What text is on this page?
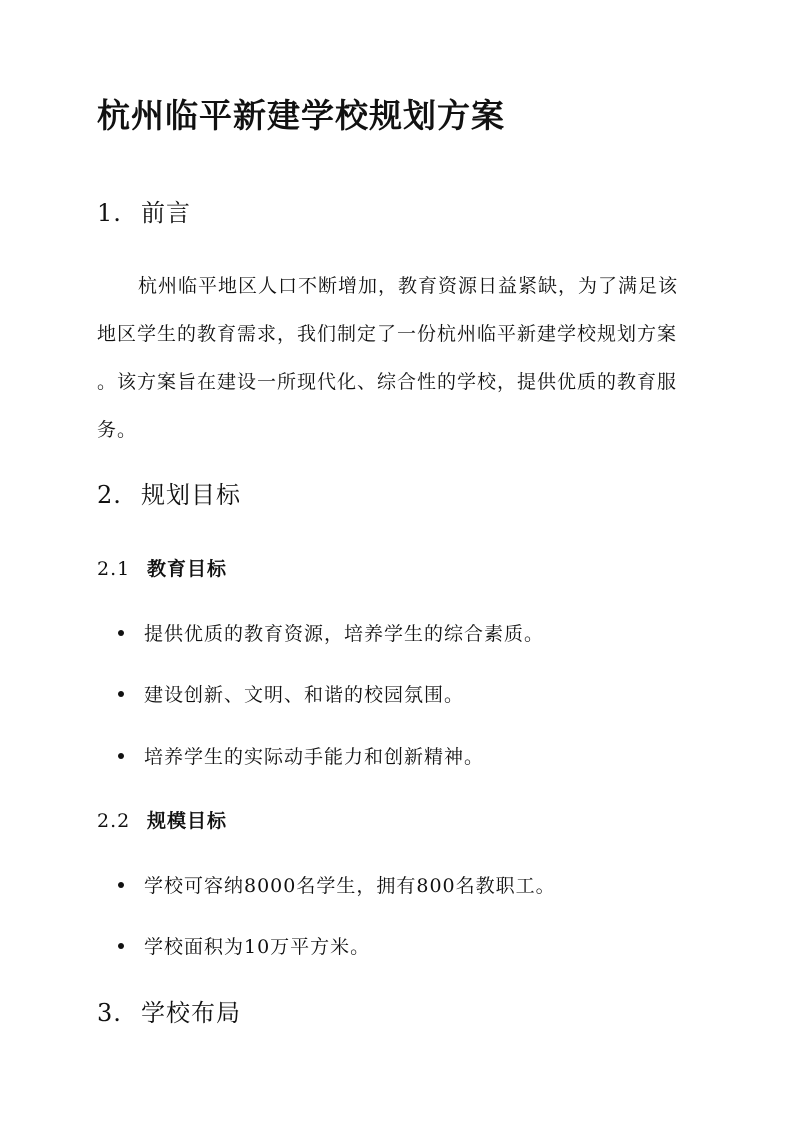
杭州临平新建学校规划方案
1. 前言
杭州临平地区人口不断增加，教育资源日益紧缺，为了满足该
地区学生的教育需求，我们制定了一份杭州临平新建学校规划方案
。该方案旨在建设一所现代化、综合性的学校，提供优质的教育服
务。
2. 规划目标
2.1 教育目标
提供优质的教育资源，培养学生的综合素质。
建设创新、文明、和谐的校园氛围。
培养学生的实际动手能力和创新精神。
2.2 规模目标
学校可容纳8000名学生，拥有800名教职工。
学校面积为10万平方米。
3. 学校布局
